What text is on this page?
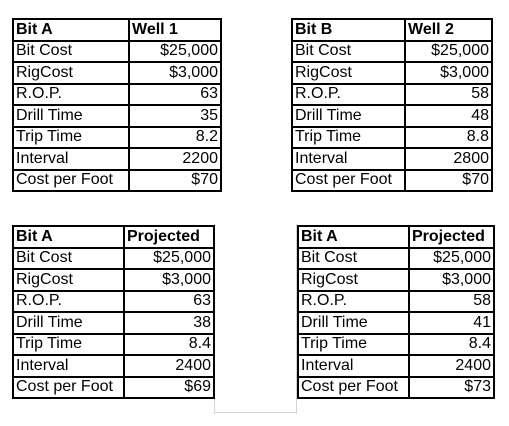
Bit A	Well 1
Bit Cost	$25,000
RigCost	$3,000
R.O.P.	63
Drill Time	35
Trip Time	8.2
Interval	2200
Cost per Foot	$70
Bit B	Well 2
Bit Cost	$25,000
RigCost	$3,000
R.O.P.	58
Drill Time	48
Trip Time	8.8
Interval	2800
Cost per Foot	$70
Bit A	Projected
Bit Cost	$25,000
RigCost	$3,000
R.O.P.	63
Drill Time	38
Trip Time	8.4
Interval	2400
Cost per Foot	$69
Bit A	Projected
Bit Cost	$25,000
RigCost	$3,000
R.O.P.	58
Drill Time	41
Trip Time	8.4
Interval	2400
Cost per Foot	$73
